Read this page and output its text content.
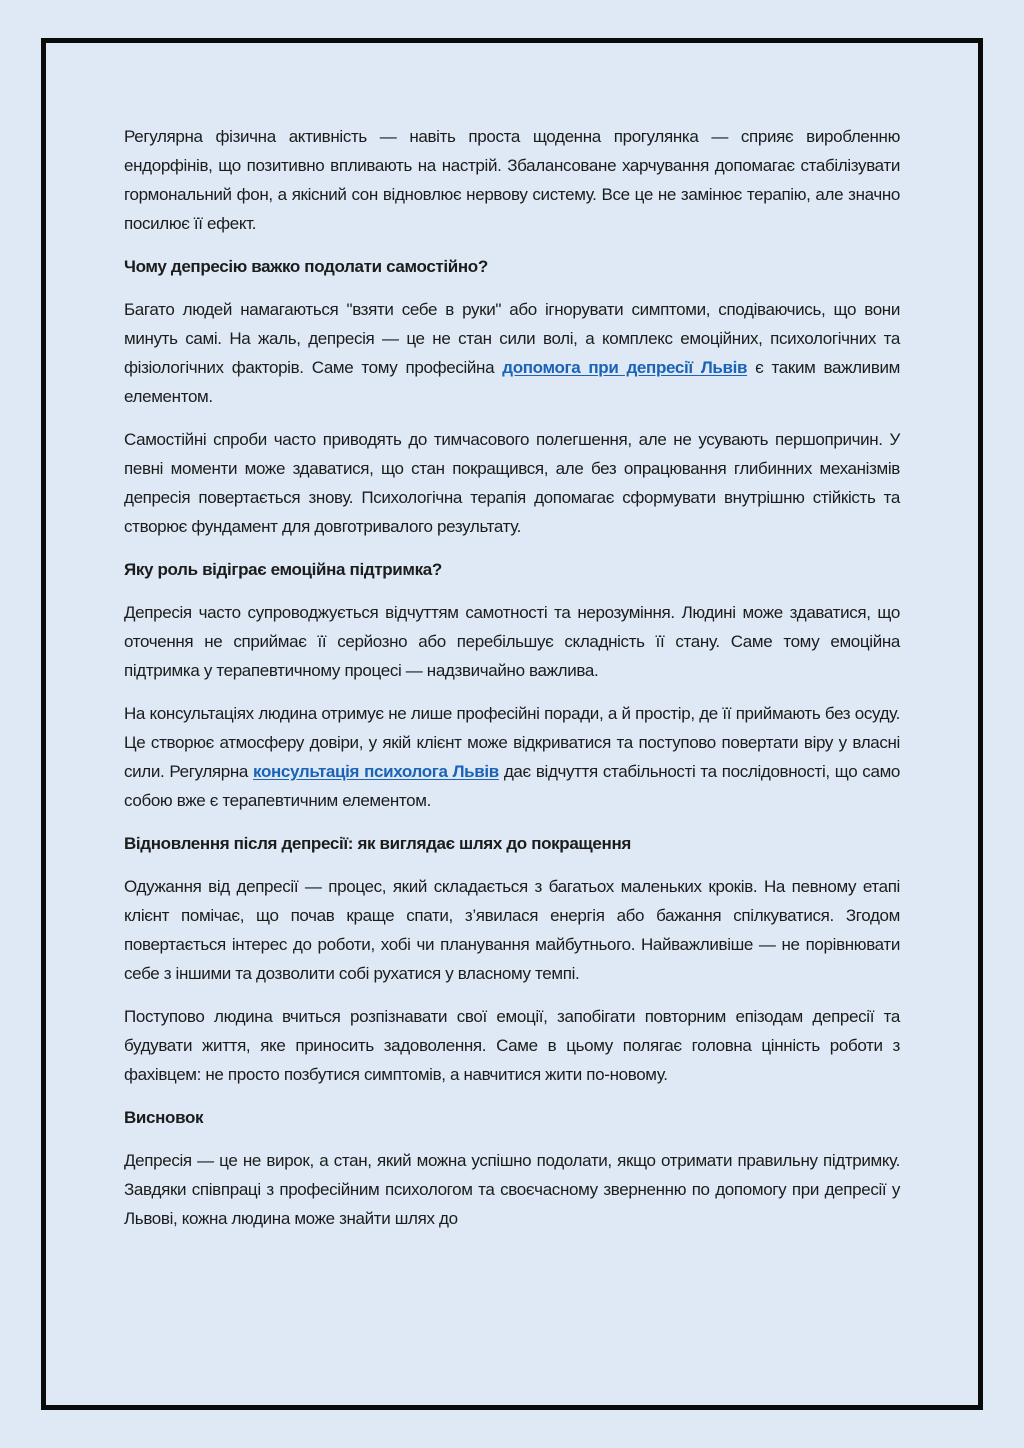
Регулярна фізична активність — навіть проста щоденна прогулянка — сприяє виробленню ендорфінів, що позитивно впливають на настрій. Збалансоване харчування допомагає стабілізувати гормональний фон, а якісний сон відновлює нервову систему. Все це не замінює терапію, але значно посилює її ефект.

Чому депресію важко подолати самостійно?

Багато людей намагаються "взяти себе в руки" або ігнорувати симптоми, сподіваючись, що вони минуть самі. На жаль, депресія — це не стан сили волі, а комплекс емоційних, психологічних та фізіологічних факторів. Саме тому професійна допомога при депресії Львів є таким важливим елементом.

Самостійні спроби часто приводять до тимчасового полегшення, але не усувають першопричин. У певні моменти може здаватися, що стан покращився, але без опрацювання глибинних механізмів депресія повертається знову. Психологічна терапія допомагає сформувати внутрішню стійкість та створює фундамент для довготривалого результату.

Яку роль відіграє емоційна підтримка?

Депресія часто супроводжується відчуттям самотності та нерозуміння. Людині може здаватися, що оточення не сприймає її серйозно або перебільшує складність її стану. Саме тому емоційна підтримка у терапевтичному процесі — надзвичайно важлива.

На консультаціях людина отримує не лише професійні поради, а й простір, де її приймають без осуду. Це створює атмосферу довіри, у якій клієнт може відкриватися та поступово повертати віру у власні сили. Регулярна консультація психолога Львів дає відчуття стабільності та послідовності, що само собою вже є терапевтичним елементом.

Відновлення після депресії: як виглядає шлях до покращення

Одужання від депресії — процес, який складається з багатьох маленьких кроків. На певному етапі клієнт помічає, що почав краще спати, з’явилася енергія або бажання спілкуватися. Згодом повертається інтерес до роботи, хобі чи планування майбутнього. Найважливіше — не порівнювати себе з іншими та дозволити собі рухатися у власному темпі.

Поступово людина вчиться розпізнавати свої емоції, запобігати повторним епізодам депресії та будувати життя, яке приносить задоволення. Саме в цьому полягає головна цінність роботи з фахівцем: не просто позбутися симптомів, а навчитися жити по-новому.

Висновок

Депресія — це не вирок, а стан, який можна успішно подолати, якщо отримати правильну підтримку. Завдяки співпраці з професійним психологом та своєчасному зверненню по допомогу при депресії у Львові, кожна людина може знайти шлях до
